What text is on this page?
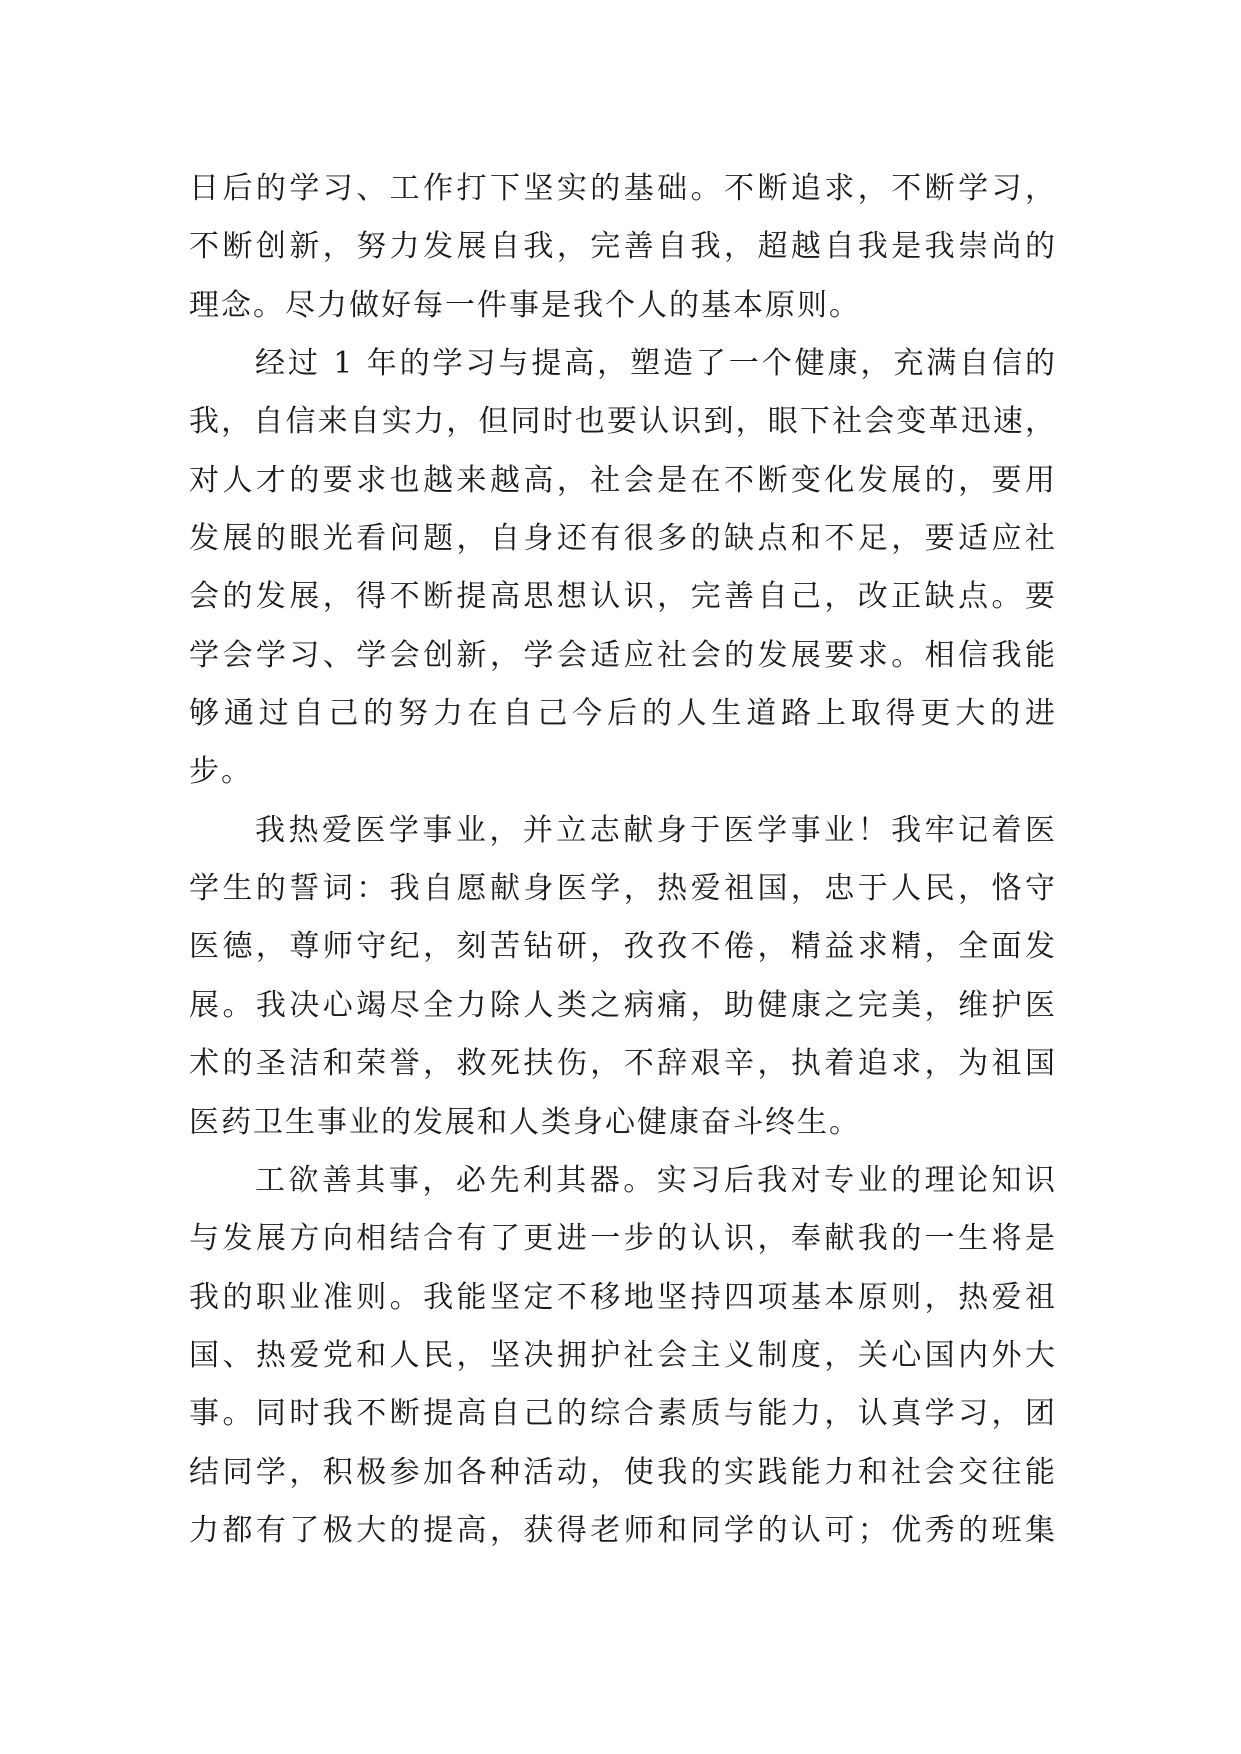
日后的学习、工作打下坚实的基础。不断追求，不断学习，
不断创新，努力发展自我，完善自我，超越自我是我崇尚的
理念。尽力做好每一件事是我个人的基本原则。
经过 1 年的学习与提高，塑造了一个健康，充满自信的
我，自信来自实力，但同时也要认识到，眼下社会变革迅速，
对人才的要求也越来越高，社会是在不断变化发展的，要用
发展的眼光看问题，自身还有很多的缺点和不足，要适应社
会的发展，得不断提高思想认识，完善自己，改正缺点。要
学会学习、学会创新，学会适应社会的发展要求。相信我能
够通过自己的努力在自己今后的人生道路上取得更大的进
步。
我热爱医学事业，并立志献身于医学事业！我牢记着医
学生的誓词：我自愿献身医学，热爱祖国，忠于人民，恪守
医德，尊师守纪，刻苦钻研，孜孜不倦，精益求精，全面发
展。我决心竭尽全力除人类之病痛，助健康之完美，维护医
术的圣洁和荣誉，救死扶伤，不辞艰辛，执着追求，为祖国
医药卫生事业的发展和人类身心健康奋斗终生。
工欲善其事，必先利其器。实习后我对专业的理论知识
与发展方向相结合有了更进一步的认识，奉献我的一生将是
我的职业准则。我能坚定不移地坚持四项基本原则，热爱祖
国、热爱党和人民，坚决拥护社会主义制度，关心国内外大
事。同时我不断提高自己的综合素质与能力，认真学习，团
结同学，积极参加各种活动，使我的实践能力和社会交往能
力都有了极大的提高，获得老师和同学的认可；优秀的班集
